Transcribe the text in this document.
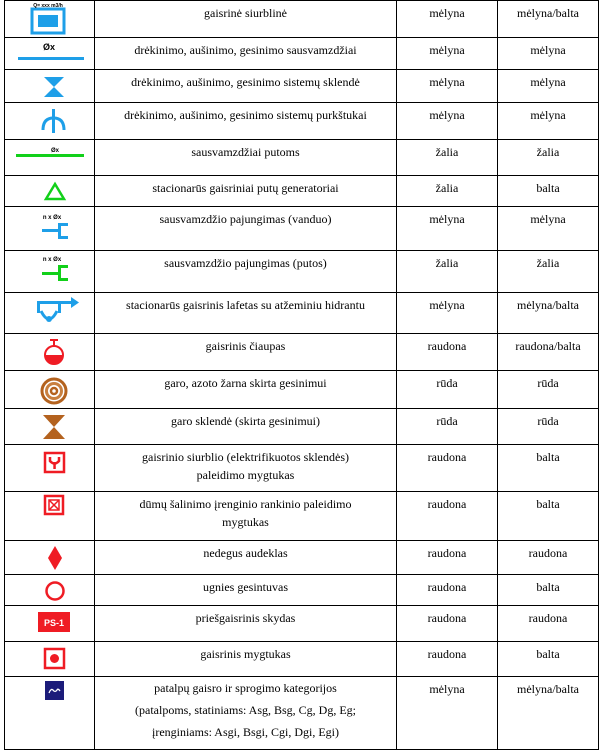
Q= xxx m3/h	gaisrinė siurblinė	mėlyna	mėlyna/balta

Øx	drėkinimo, aušinimo, gesinimo sausvamzdžiai	mėlyna	mėlyna

	drėkinimo, aušinimo, gesinimo sistemų sklendė	mėlyna	mėlyna

	drėkinimo, aušinimo, gesinimo sistemų purkštukai	mėlyna	mėlyna

Øx	sausvamzdžiai putoms	žalia	žalia

	stacionarūs gaisriniai putų generatoriai	žalia	balta

n x Øx	sausvamzdžio pajungimas (vanduo)	mėlyna	mėlyna

n x Øx	sausvamzdžio pajungimas (putos)	žalia	žalia

	stacionarūs gaisrinis lafetas su atžeminiu hidrantu	mėlyna	mėlyna/balta

	gaisrinis čiaupas	raudona	raudona/balta

	garo, azoto žarna skirta gesinimui	rūda	rūda

	garo sklendė (skirta gesinimui)	rūda	rūda

	gaisrinio siurblio (elektrifikuotos sklendės)
paleidimo mygtukas	raudona	balta

	dūmų šalinimo įrenginio rankinio paleidimo
mygtukas	raudona	balta

	nedegus audeklas	raudona	raudona

	ugnies gesintuvas	raudona	balta

PS-1	priešgaisrinis skydas	raudona	raudona

	gaisrinis mygtukas	raudona	balta

	patalpų gaisro ir sprogimo kategorijos
(patalpoms, statiniams: Asg, Bsg, Cg, Dg, Eg;
įrenginiams: Asgi, Bsgi, Cgi, Dgi, Egi)	mėlyna	mėlyna/balta
